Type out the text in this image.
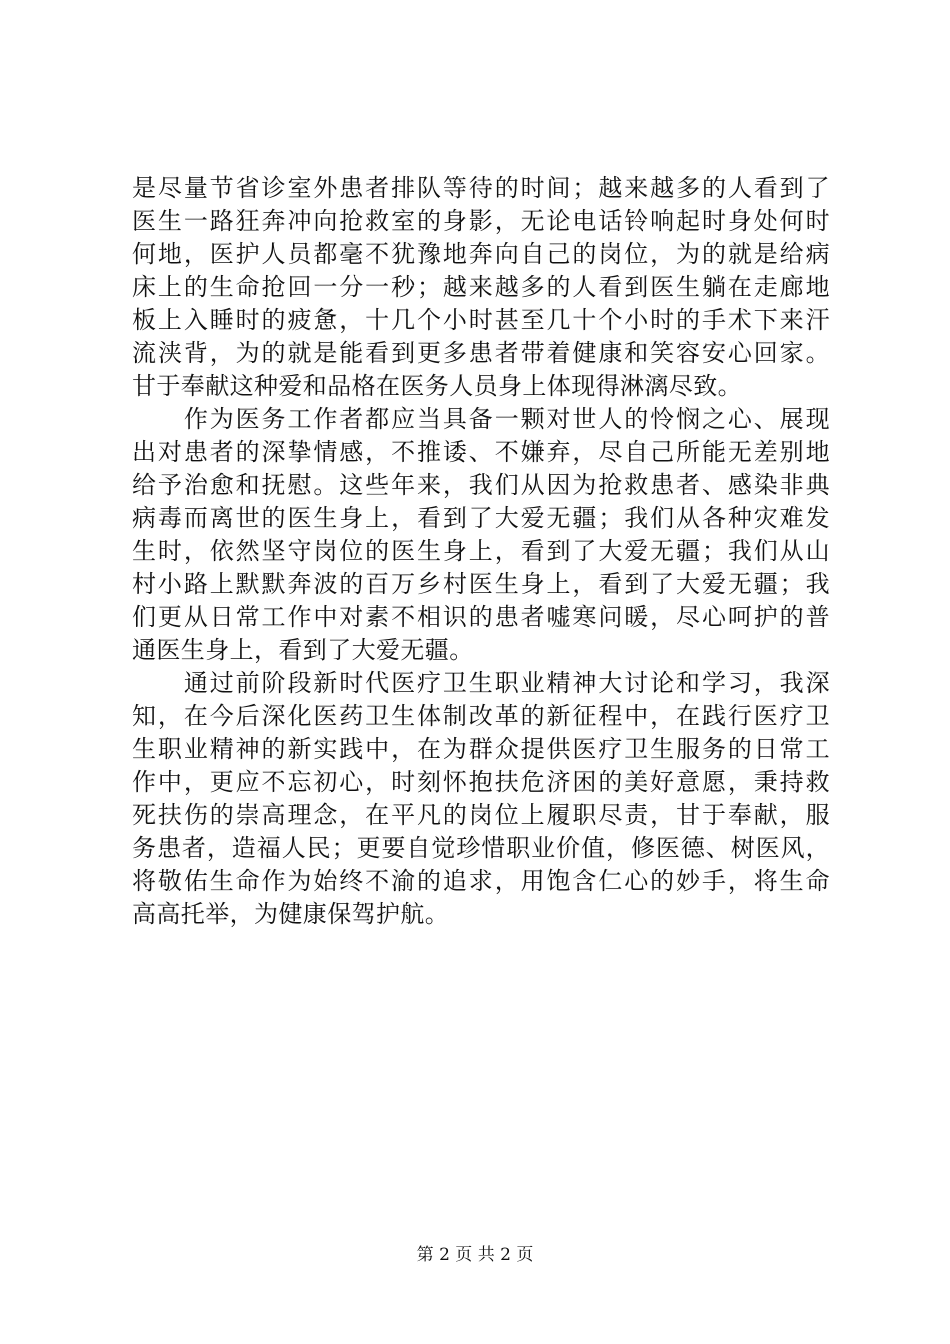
是尽量节省诊室外患者排队等待的时间；越来越多的人看到了
医生一路狂奔冲向抢救室的身影，无论电话铃响起时身处何时
何地，医护人员都毫不犹豫地奔向自己的岗位，为的就是给病
床上的生命抢回一分一秒；越来越多的人看到医生躺在走廊地
板上入睡时的疲惫，十几个小时甚至几十个小时的手术下来汗
流浃背，为的就是能看到更多患者带着健康和笑容安心回家。
甘于奉献这种爱和品格在医务人员身上体现得淋漓尽致。
　　作为医务工作者都应当具备一颗对世人的怜悯之心、展现
出对患者的深挚情感，不推诿、不嫌弃，尽自己所能无差别地
给予治愈和抚慰。这些年来，我们从因为抢救患者、感染非典
病毒而离世的医生身上，看到了大爱无疆；我们从各种灾难发
生时，依然坚守岗位的医生身上，看到了大爱无疆；我们从山
村小路上默默奔波的百万乡村医生身上，看到了大爱无疆；我
们更从日常工作中对素不相识的患者嘘寒问暖，尽心呵护的普
通医生身上，看到了大爱无疆。
　　通过前阶段新时代医疗卫生职业精神大讨论和学习，我深
知，在今后深化医药卫生体制改革的新征程中，在践行医疗卫
生职业精神的新实践中，在为群众提供医疗卫生服务的日常工
作中，更应不忘初心，时刻怀抱扶危济困的美好意愿，秉持救
死扶伤的崇高理念，在平凡的岗位上履职尽责，甘于奉献，服
务患者，造福人民；更要自觉珍惜职业价值，修医德、树医风，
将敬佑生命作为始终不渝的追求，用饱含仁心的妙手，将生命
高高托举，为健康保驾护航。
第 2 页 共 2 页
